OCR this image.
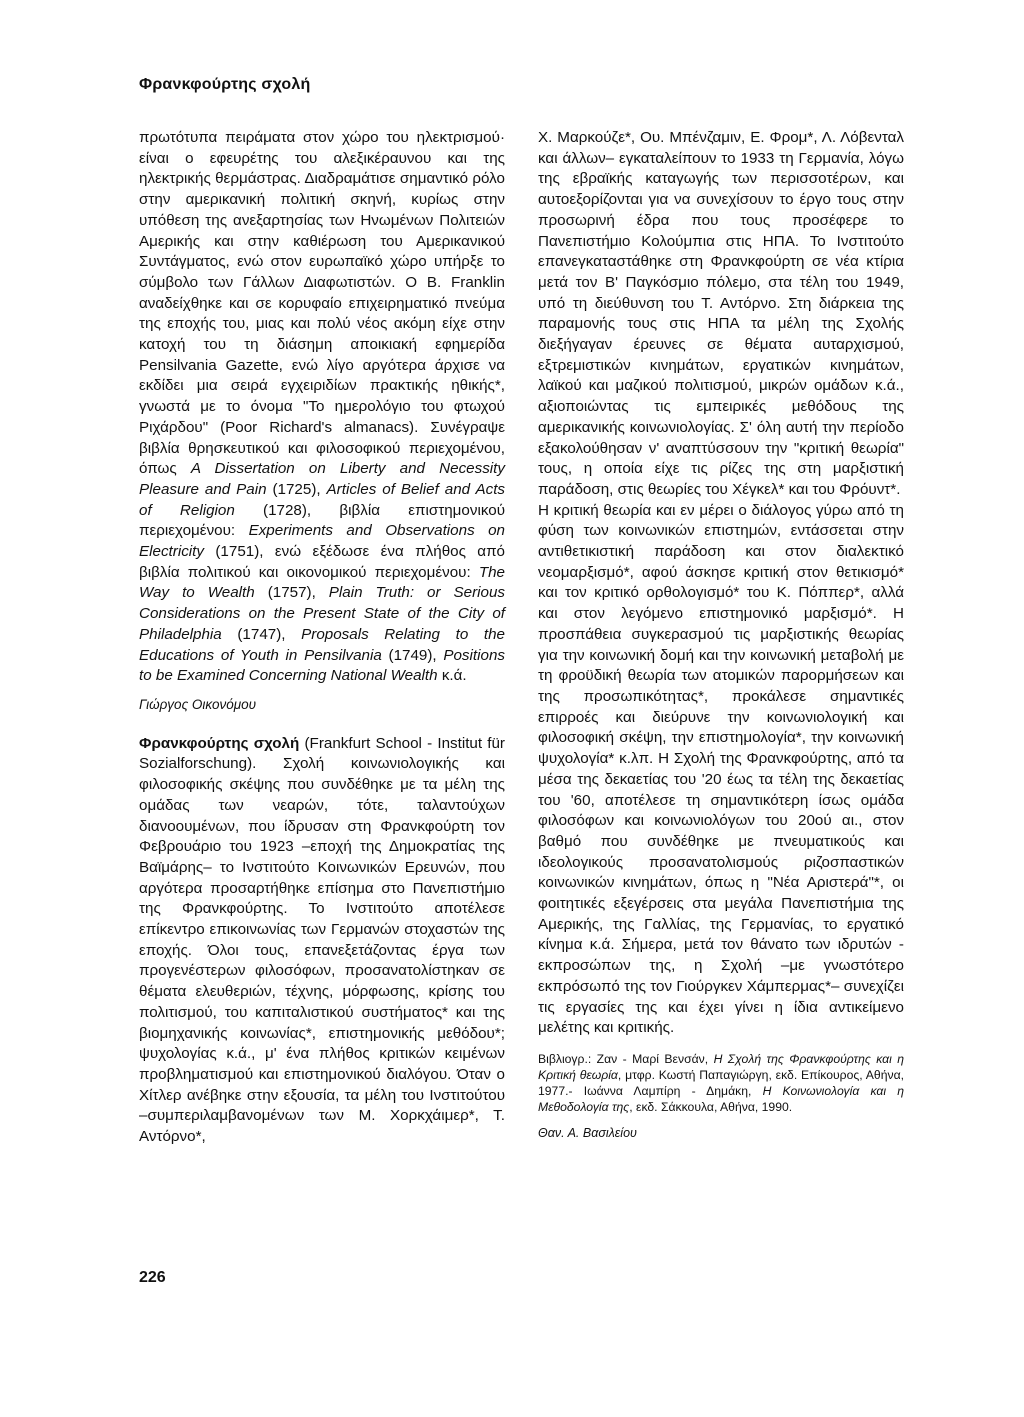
Φρανκφούρτης σχολή

πρωτότυπα πειράματα στον χώρο του ηλεκτρισμού· είναι ο εφευρέτης του αλεξικέραυνου και της ηλεκτρικής θερμάστρας. Διαδραμάτισε σημαντικό ρόλο στην αμερικανική πολιτική σκηνή, κυρίως στην υπόθεση της ανεξαρτησίας των Ηνωμένων Πολιτειών Αμερικής και στην καθιέρωση του Αμερικανικού Συντάγματος, ενώ στον ευρωπαϊκό χώρο υπήρξε το σύμβολο των Γάλλων Διαφωτιστών. Ο Β. Franklin αναδείχθηκε και σε κορυφαίο επιχειρηματικό πνεύμα της εποχής του, μιας και πολύ νέος ακόμη είχε στην κατοχή του τη διάσημη αποικιακή εφημερίδα Pensilvania Gazette, ενώ λίγο αργότερα άρχισε να εκδίδει μια σειρά εγχειριδίων πρακτικής ηθικής*, γνωστά με το όνομα "Το ημερολόγιο του φτωχού Ριχάρδου" (Poor Richard's almanacs). Συνέγραψε βιβλία θρησκευτικού και φιλοσοφικού περιεχομένου, όπως A Dissertation on Liberty and Necessity Pleasure and Pain (1725), Articles of Belief and Acts of Religion (1728), βιβλία επιστημονικού περιεχομένου: Experiments and Observations on Electricity (1751), ενώ εξέδωσε ένα πλήθος από βιβλία πολιτικού και οικονομικού περιεχομένου: The Way to Wealth (1757), Plain Truth: or Serious Considerations on the Present State of the City of Philadelphia (1747), Proposals Relating to the Educations of Youth in Pensilvania (1749), Positions to be Examined Concerning National Wealth κ.ά.

Γιώργος Οικονόμου

Φρανκφούρτης σχολή (Frankfurt School - Institut für Sozialforschung). Σχολή κοινωνιολογικής και φιλοσοφικής σκέψης που συνδέθηκε με τα μέλη της ομάδας των νεαρών, τότε, ταλαντούχων διανοουμένων, που ίδρυσαν στη Φρανκφούρτη τον Φεβρουάριο του 1923 –εποχή της Δημοκρατίας της Βαϊμάρης– το Ινστιτούτο Κοινωνικών Ερευνών, που αργότερα προσαρτήθηκε επίσημα στο Πανεπιστήμιο της Φρανκφούρτης. Το Ινστιτούτο αποτέλεσε επίκεντρο επικοινωνίας των Γερμανών στοχαστών της εποχής. Όλοι τους, επανεξετάζοντας έργα των προγενέστερων φιλοσόφων, προσανατολίστηκαν σε θέματα ελευθεριών, τέχνης, μόρφωσης, κρίσης του πολιτισμού, του καπιταλιστικού συστήματος* και της βιομηχανικής κοινωνίας*, επιστημονικής μεθόδου*; ψυχολογίας κ.ά., μ' ένα πλήθος κριτικών κειμένων προβληματισμού και επιστημονικού διαλόγου. Όταν ο Χίτλερ ανέβηκε στην εξουσία, τα μέλη του Ινστιτούτου –συμπεριλαμβανομένων των Μ. Χορκχάιμερ*, Τ. Αντόρνο*,

Χ. Μαρκούζε*, Ου. Μπένζαμιν, Ε. Φρομ*, Λ. Λόβενταλ και άλλων– εγκαταλείπουν το 1933 τη Γερμανία, λόγω της εβραϊκής καταγωγής των περισσοτέρων, και αυτοεξορίζονται για να συνεχίσουν το έργο τους στην προσωρινή έδρα που τους προσέφερε το Πανεπιστήμιο Κολούμπια στις ΗΠΑ. Το Ινστιτούτο επανεγκαταστάθηκε στη Φρανκφούρτη σε νέα κτίρια μετά τον Β' Παγκόσμιο πόλεμο, στα τέλη του 1949, υπό τη διεύθυνση του Τ. Αντόρνο. Στη διάρκεια της παραμονής τους στις ΗΠΑ τα μέλη της Σχολής διεξήγαγαν έρευνες σε θέματα αυταρχισμού, εξτρεμιστικών κινημάτων, εργατικών κινημάτων, λαϊκού και μαζικού πολιτισμού, μικρών ομάδων κ.ά., αξιοποιώντας τις εμπειρικές μεθόδους της αμερικανικής κοινωνιολογίας. Σ' όλη αυτή την περίοδο εξακολούθησαν ν' αναπτύσσουν την "κριτική θεωρία" τους, η οποία είχε τις ρίζες της στη μαρξιστική παράδοση, στις θεωρίες του Χέγκελ* και του Φρόυντ*.

Η κριτική θεωρία και εν μέρει ο διάλογος γύρω από τη φύση των κοινωνικών επιστημών, εντάσσεται στην αντιθετικιστική παράδοση και στον διαλεκτικό νεομαρξισμό*, αφού άσκησε κριτική στον θετικισμό* και τον κριτικό ορθολογισμό* του Κ. Πόππερ*, αλλά και στον λεγόμενο επιστημονικό μαρξισμό*. Η προσπάθεια συγκερασμού τις μαρξιστικής θεωρίας για την κοινωνική δομή και την κοινωνική μεταβολή με τη φροϋδική θεωρία των ατομικών παρορμήσεων και της προσωπικότητας*, προκάλεσε σημαντικές επιρροές και διεύρυνε την κοινωνιολογική και φιλοσοφική σκέψη, την επιστημολογία*, την κοινωνική ψυχολογία* κ.λπ. Η Σχολή της Φρανκφούρτης, από τα μέσα της δεκαετίας του '20 έως τα τέλη της δεκαετίας του '60, αποτέλεσε τη σημαντικότερη ίσως ομάδα φιλοσόφων και κοινωνιολόγων του 20ού αι., στον βαθμό που συνδέθηκε με πνευματικούς και ιδεολογικούς προσανατολισμούς ριζοσπαστικών κοινωνικών κινημάτων, όπως η "Νέα Αριστερά"*, οι φοιτητικές εξεγέρσεις στα μεγάλα Πανεπιστήμια της Αμερικής, της Γαλλίας, της Γερμανίας, το εργατικό κίνημα κ.ά. Σήμερα, μετά τον θάνατο των ιδρυτών - εκπροσώπων της, η Σχολή –με γνωστότερο εκπρόσωπό της τον Γιούργκεν Χάμπερμας*– συνεχίζει τις εργασίες της και έχει γίνει η ίδια αντικείμενο μελέτης και κριτικής.

Βιβλιογρ.: Ζαν - Μαρί Βενσάν, Η Σχολή της Φρανκφούρτης και η Κριτική θεωρία, μτφρ. Κωστή Παπαγιώργη, εκδ. Επίκουρος, Αθήνα, 1977.- Ιωάννα Λαμπίρη - Δημάκη, Η Κοινωνιολογία και η Μεθοδολογία της, εκδ. Σάκκουλα, Αθήνα, 1990.

Θαν. Α. Βασιλείου

226
